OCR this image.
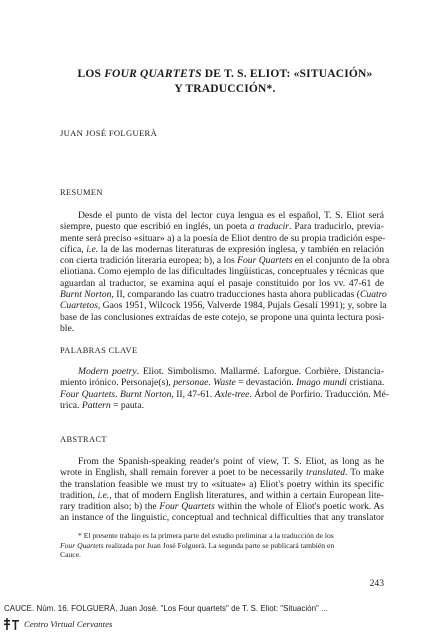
LOS FOUR QUARTETS DE T. S. ELIOT: «SITUACIÓN»
Y TRADUCCIÓN*.
JUAN JOSÉ FOLGUERÀ
RESUMEN
Desde el punto de vista del lector cuya lengua es el español, T. S. Eliot será
siempre, puesto que escribió en inglés, un poeta a traducir. Para traducirlo, previa-
mente será preciso «situar» a) a la poesía de Eliot dentro de su propia tradición espe-
cífica, i.e. la de las modernas literaturas de expresión inglesa, y también en relación
con cierta tradición literaria europea; b), a los Four Quartets en el conjunto de la obra
eliotiana. Como ejemplo de las dificultades lingüísticas, conceptuales y técnicas que
aguardan al traductor, se examina aquí el pasaje constituido por los vv. 47-61 de
Burnt Norton, II, comparando las cuatro traducciones hasta ahora publicadas (Cuatro
Cuartetos, Gaos 1951, Wilcock 1956, Valverde 1984, Pujals Gesalí 1991); y, sobre la
base de las conclusiones extraídas de este cotejo, se propone una quinta lectura posi-
ble.
PALABRAS CLAVE
Modern poetry. Eliot. Simbolismo. Mallarmé. Laforgue. Corbière. Distancia-
miento irónico. Personaje(s), personae. Waste = devastación. Imago mundi cristiana.
Four Quartets. Burnt Norton, II, 47-61. Axle-tree. Árbol de Porfirio. Traducción. Mé-
trica. Pattern = pauta.
ABSTRACT
From the Spanish-speaking reader's point of view, T. S. Eliot, as long as he
wrote in English, shall remain forever a poet to be necessarily translated. To make
the translation feasible we must try to «situate» a) Eliot's poetry within its specific
tradition, i.e., that of modern English literatures, and within a certain European lite-
rary tradition also; b) the Four Quartets within the whole of Eliot's poetic work. As
an instance of the linguistic, conceptual and technical difficulties that any translator
* El presente trabajo es la primera parte del estudio preliminar a la traducción de los
Four Quartets realizada por Juan José Folguerà. La segunda parte se publicará también en
Cauce.
243
CAUCE. Núm. 16. FOLGUERÀ, Juan José. "Los Four quartets" de T. S. Eliot: "Situación" ...
Centro Virtual Cervantes
